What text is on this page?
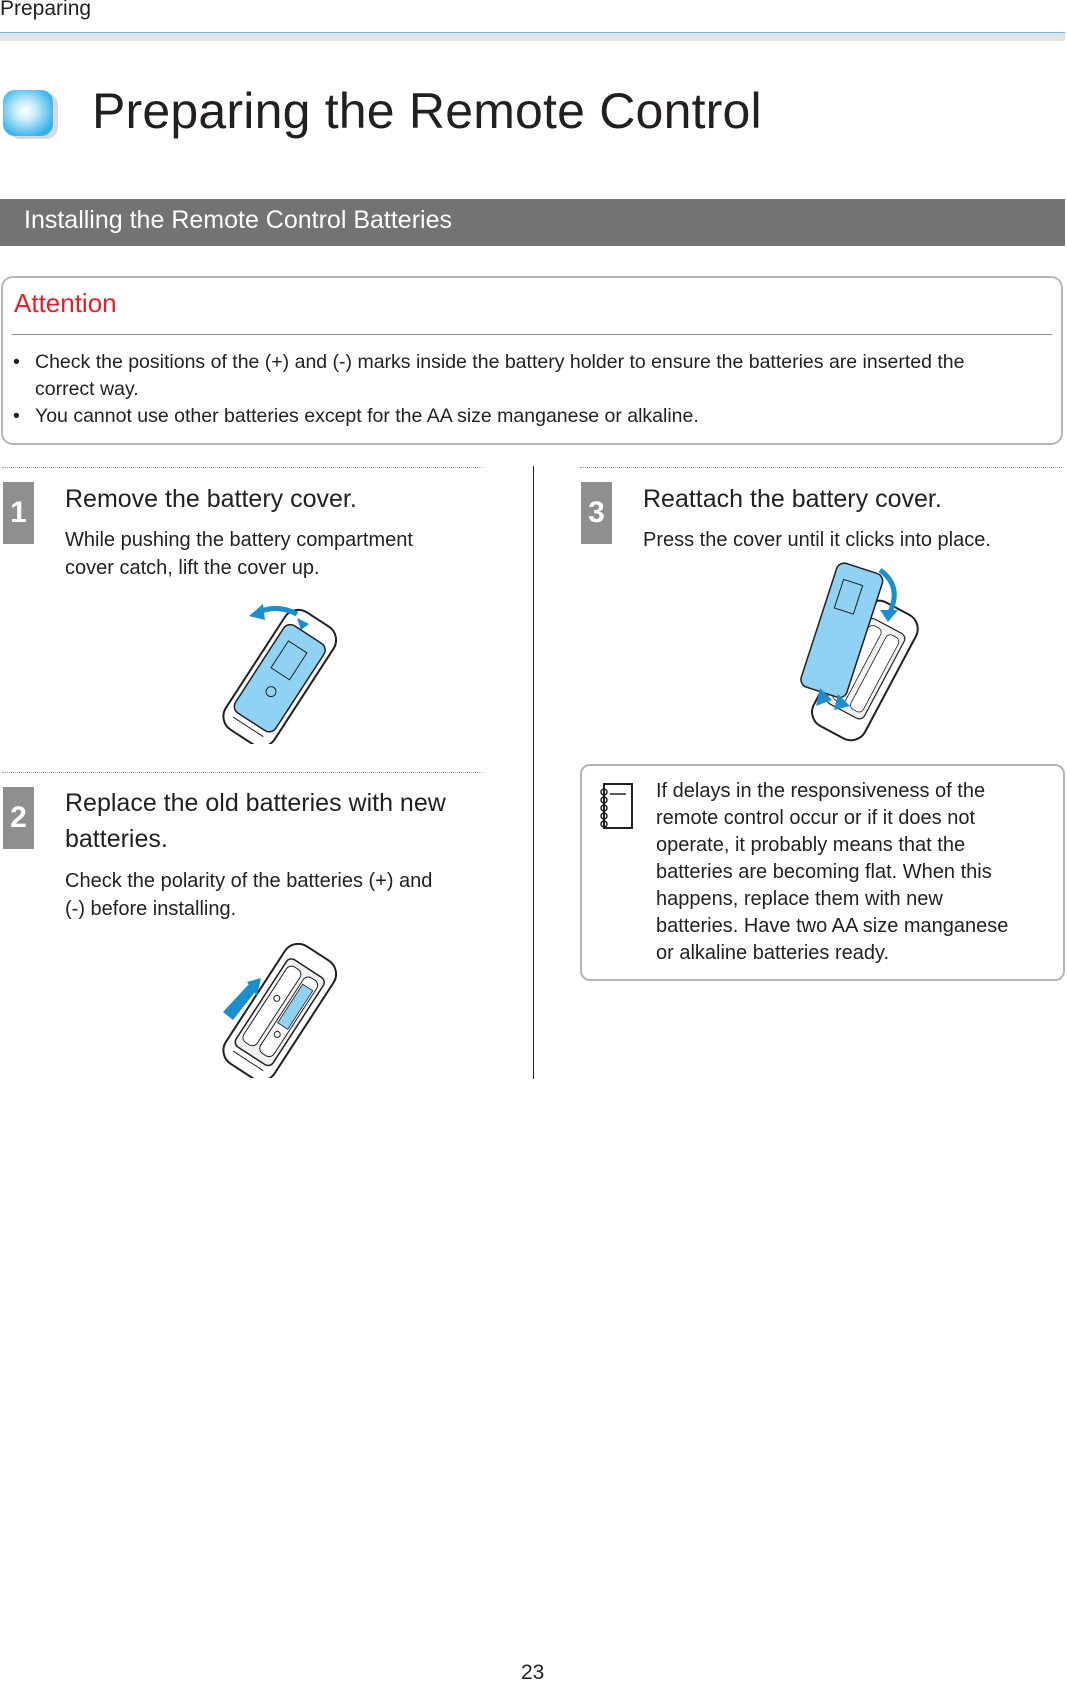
Preparing
Preparing the Remote Control
Installing the Remote Control Batteries
Attention
• Check the positions of the (+) and (-) marks inside the battery holder to ensure the batteries are inserted the
correct way.
• You cannot use other batteries except for the AA size manganese or alkaline.
1 Remove the battery cover.
While pushing the battery compartment
cover catch, lift the cover up.
2 Replace the old batteries with new
batteries.
Check the polarity of the batteries (+) and
(-) before installing.
3 Reattach the battery cover.
Press the cover until it clicks into place.
If delays in the responsiveness of the
remote control occur or if it does not
operate, it probably means that the
batteries are becoming flat. When this
happens, replace them with new
batteries. Have two AA size manganese
or alkaline batteries ready.
23
